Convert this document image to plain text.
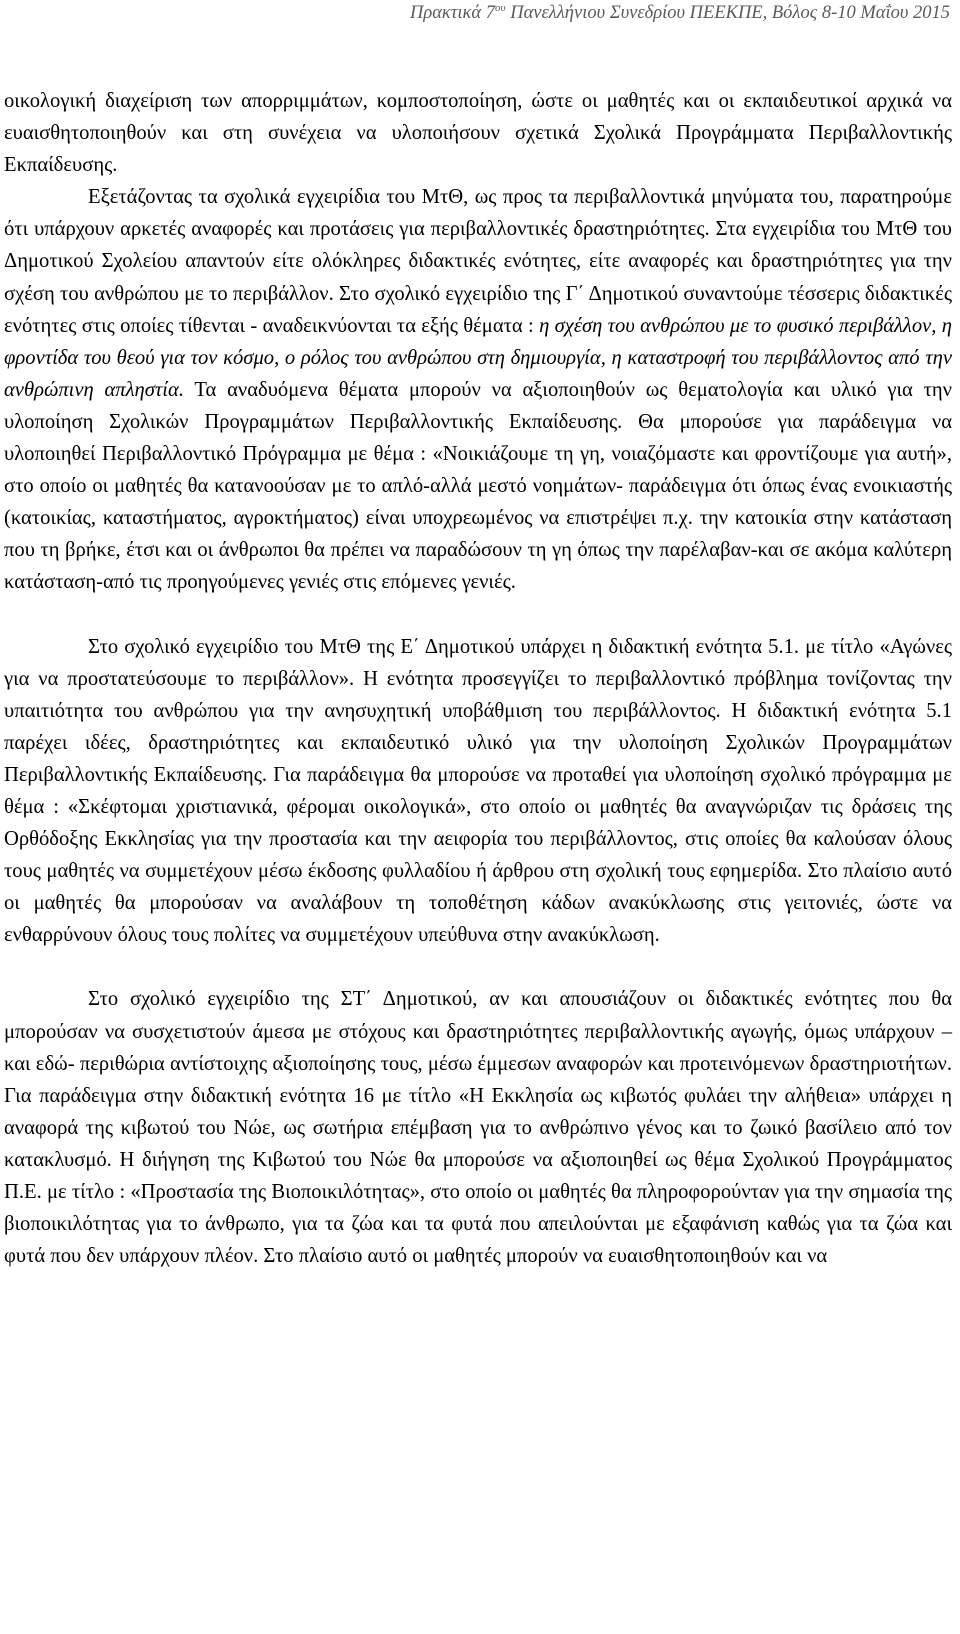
Πρακτικά $7^{o\upsilon}$ Πανελλήνιου Συνεδρίου ΠΕΕΚΠΕ, Βόλος 8-10 Μαΐου 2015

οικολογική διαχείριση των απορριμμάτων, κομποστοποίηση, ώστε οι μαθητές και οι εκπαιδευτικοί αρχικά να ευαισθητοποιηθούν και στη συνέχεια να υλοποιήσουν σχετικά Σχολικά Προγράμματα Περιβαλλοντικής Εκπαίδευσης.

Εξετάζοντας τα σχολικά εγχειρίδια του ΜτΘ, ως προς τα περιβαλλοντικά μηνύματα του, παρατηρούμε ότι υπάρχουν αρκετές αναφορές και προτάσεις για περιβαλλοντικές δραστηριότητες. Στα εγχειρίδια του ΜτΘ του Δημοτικού Σχολείου απαντούν είτε ολόκληρες διδακτικές ενότητες, είτε αναφορές και δραστηριότητες για την σχέση του ανθρώπου με το περιβάλλον. Στο σχολικό εγχειρίδιο της Γ΄ Δημοτικού συναντούμε τέσσερις διδακτικές ενότητες στις οποίες τίθενται - αναδεικνύονται τα εξής θέματα : η σχέση του ανθρώπου με το φυσικό περιβάλλον, η φροντίδα του θεού για τον κόσμο, ο ρόλος του ανθρώπου στη δημιουργία, η καταστροφή του περιβάλλοντος από την ανθρώπινη απληστία. Τα αναδυόμενα θέματα μπορούν να αξιοποιηθούν ως θεματολογία και υλικό για την υλοποίηση Σχολικών Προγραμμάτων Περιβαλλοντικής Εκπαίδευσης. Θα μπορούσε για παράδειγμα να υλοποιηθεί Περιβαλλοντικό Πρόγραμμα με θέμα : «Νοικιάζουμε τη γη, νοιαζόμαστε και φροντίζουμε για αυτή», στο οποίο οι μαθητές θα κατανοούσαν με το απλό-αλλά μεστό νοημάτων- παράδειγμα ότι όπως ένας ενοικιαστής (κατοικίας, καταστήματος, αγροκτήματος) είναι υποχρεωμένος να επιστρέψει π.χ. την κατοικία στην κατάσταση που τη βρήκε, έτσι και οι άνθρωποι θα πρέπει να παραδώσουν τη γη όπως την παρέλαβαν-και σε ακόμα καλύτερη κατάσταση-από τις προηγούμενες γενιές στις επόμενες γενιές.

Στο σχολικό εγχειρίδιο του ΜτΘ της Ε΄ Δημοτικού υπάρχει η διδακτική ενότητα 5.1. με τίτλο «Αγώνες για να προστατεύσουμε το περιβάλλον». Η ενότητα προσεγγίζει το περιβαλλοντικό πρόβλημα τονίζοντας την υπαιτιότητα του ανθρώπου για την ανησυχητική υποβάθμιση του περιβάλλοντος. Η διδακτική ενότητα 5.1 παρέχει ιδέες, δραστηριότητες και εκπαιδευτικό υλικό για την υλοποίηση Σχολικών Προγραμμάτων Περιβαλλοντικής Εκπαίδευσης. Για παράδειγμα θα μπορούσε να προταθεί για υλοποίηση σχολικό πρόγραμμα με θέμα : «Σκέφτομαι χριστιανικά, φέρομαι οικολογικά», στο οποίο οι μαθητές θα αναγνώριζαν τις δράσεις της Ορθόδοξης Εκκλησίας για την προστασία και την αειφορία του περιβάλλοντος, στις οποίες θα καλούσαν όλους τους μαθητές να συμμετέχουν μέσω έκδοσης φυλλαδίου ή άρθρου στη σχολική τους εφημερίδα. Στο πλαίσιο αυτό οι μαθητές θα μπορούσαν να αναλάβουν τη τοποθέτηση κάδων ανακύκλωσης στις γειτονιές, ώστε να ενθαρρύνουν όλους τους πολίτες να συμμετέχουν υπεύθυνα στην ανακύκλωση.

Στο σχολικό εγχειρίδιο της ΣΤ΄ Δημοτικού, αν και απουσιάζουν οι διδακτικές ενότητες που θα μπορούσαν να συσχετιστούν άμεσα με στόχους και δραστηριότητες περιβαλλοντικής αγωγής, όμως υπάρχουν –και εδώ- περιθώρια αντίστοιχης αξιοποίησης τους, μέσω έμμεσων αναφορών και προτεινόμενων δραστηριοτήτων. Για παράδειγμα στην διδακτική ενότητα 16 με τίτλο «Η Εκκλησία ως κιβωτός φυλάει την αλήθεια» υπάρχει η αναφορά της κιβωτού του Νώε, ως σωτήρια επέμβαση για το ανθρώπινο γένος και το ζωικό βασίλειο από τον κατακλυσμό. Η διήγηση της Κιβωτού του Νώε θα μπορούσε να αξιοποιηθεί ως θέμα Σχολικού Προγράμματος Π.Ε. με τίτλο : «Προστασία της Βιοποικιλότητας», στο οποίο οι μαθητές θα πληροφορούνταν για την σημασία της βιοποικιλότητας για το άνθρωπο, για τα ζώα και τα φυτά που απειλούνται με εξαφάνιση καθώς για τα ζώα και φυτά που δεν υπάρχουν πλέον. Στο πλαίσιο αυτό οι μαθητές μπορούν να ευαισθητοποιηθούν και να
